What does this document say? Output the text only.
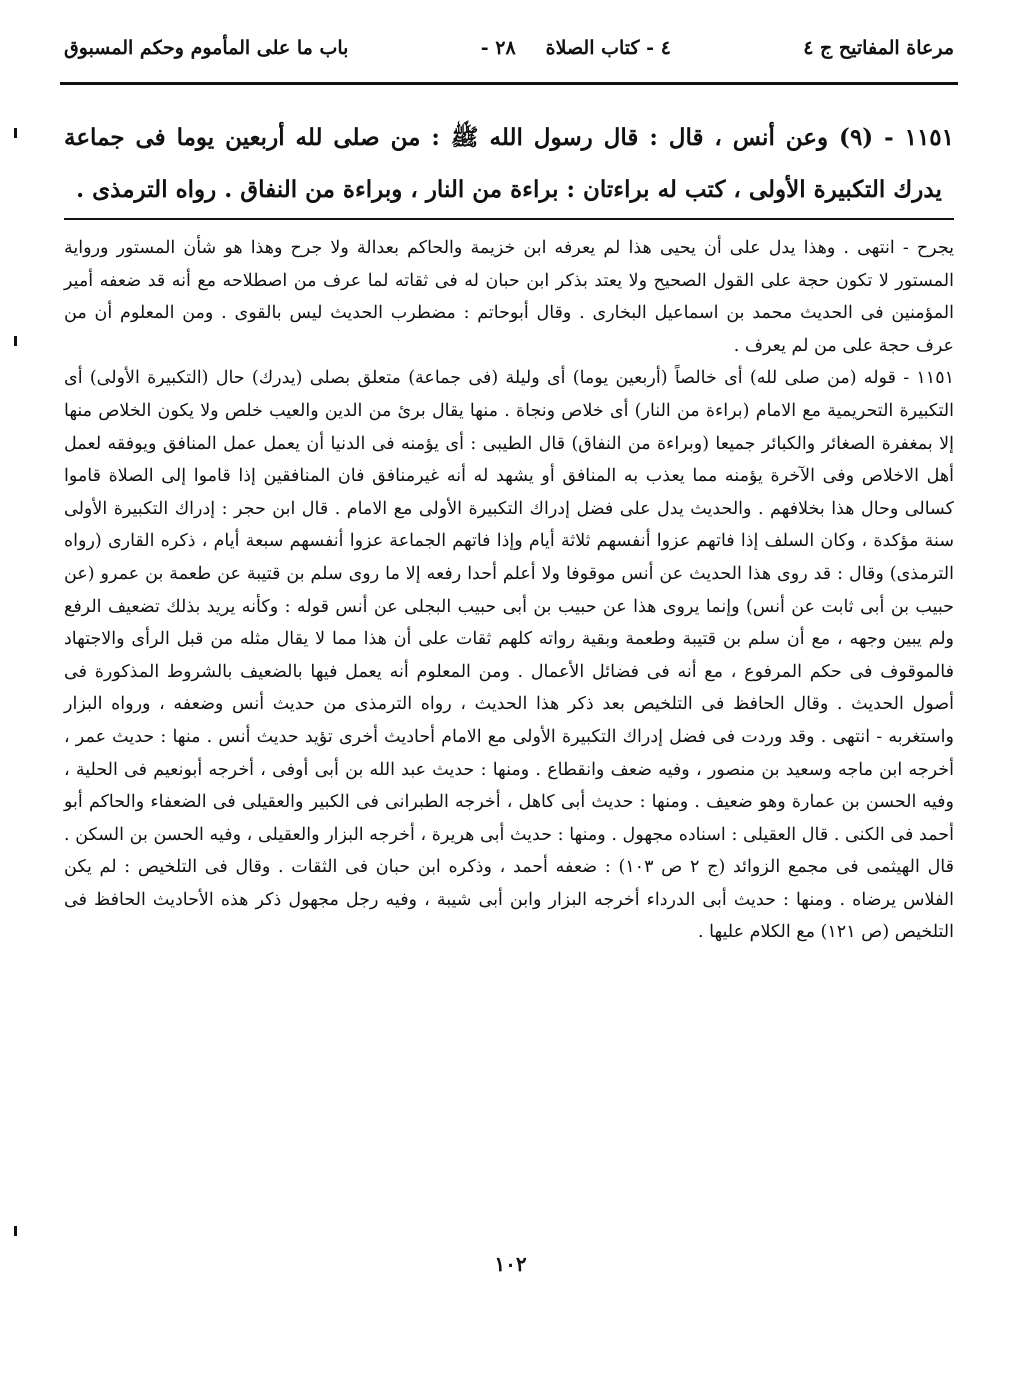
مرعاة المفاتيح ج ٤
٤ - كتاب الصلاة
٢٨ -
باب ما على المأموم وحكم المسبوق
١١٥١ - (٩) وعن أنس ، قال : قال رسول الله ﷺ : من صلى لله أربعين يوما فى جماعة يدرك التكبيرة الأولى ، كتب له براءتان : براءة من النار ، وبراءة من النفاق . رواه الترمذى .

يجرح - انتهى . وهذا يدل على أن يحيى هذا لم يعرفه ابن خزيمة والحاكم بعدالة ولا جرح وهذا هو شأن المستور ورواية المستور لا تكون حجة على القول الصحيح ولا يعتد بذكر ابن حبان له فى ثقاته لما عرف من اصطلاحه مع أنه قد ضعفه أمير المؤمنين فى الحديث محمد بن اسماعيل البخارى . وقال أبوحاتم : مضطرب الحديث ليس بالقوى . ومن المعلوم أن من عرف حجة على من لم يعرف .

١١٥١ - قوله (من صلى لله) أى خالصاً (أربعين يوما) أى وليلة (فى جماعة) متعلق بصلى (يدرك) حال (التكبيرة الأولى) أى التكبيرة التحريمية مع الامام (براءة من النار) أى خلاص ونجاة . منها يقال برئ من الدين والعيب خلص ولا يكون الخلاص منها إلا بمغفرة الصغائر والكبائر جميعا (وبراءة من النفاق) قال الطيبى : أى يؤمنه فى الدنيا أن يعمل عمل المنافق ويوفقه لعمل أهل الاخلاص وفى الآخرة يؤمنه مما يعذب به المنافق أو يشهد له أنه غيرمنافق فان المنافقين إذا قاموا إلى الصلاة قاموا كسالى وحال هذا بخلافهم . والحديث يدل على فضل إدراك التكبيرة الأولى مع الامام . قال ابن حجر : إدراك التكبيرة الأولى سنة مؤكدة ، وكان السلف إذا فاتهم عزوا أنفسهم ثلاثة أيام وإذا فاتهم الجماعة عزوا أنفسهم سبعة أيام ، ذكره القارى (رواه الترمذى) وقال : قد روى هذا الحديث عن أنس موقوفا ولا أعلم أحدا رفعه إلا ما روى سلم بن قتيبة عن طعمة بن عمرو (عن حبيب بن أبى ثابت عن أنس) وإنما يروى هذا عن حبيب بن أبى حبيب البجلى عن أنس قوله : وكأنه يريد بذلك تضعيف الرفع ولم يبين وجهه ، مع أن سلم بن قتيبة وطعمة وبقية رواته كلهم ثقات على أن هذا مما لا يقال مثله من قبل الرأى والاجتهاد فالموقوف فى حكم المرفوع ، مع أنه فى فضائل الأعمال . ومن المعلوم أنه يعمل فيها بالضعيف بالشروط المذكورة فى أصول الحديث . وقال الحافظ فى التلخيص بعد ذكر هذا الحديث ، رواه الترمذى من حديث أنس وضعفه ، ورواه البزار واستغربه - انتهى . وقد وردت فى فضل إدراك التكبيرة الأولى مع الامام أحاديث أخرى تؤيد حديث أنس . منها : حديث عمر ، أخرجه ابن ماجه وسعيد بن منصور ، وفيه ضعف وانقطاع . ومنها : حديث عبد الله بن أبى أوفى ، أخرجه أبونعيم فى الحلية ، وفيه الحسن بن عمارة وهو ضعيف . ومنها : حديث أبى كاهل ، أخرجه الطبرانى فى الكبير والعقيلى فى الضعفاء والحاكم أبو أحمد فى الكنى . قال العقيلى : اسناده مجهول . ومنها : حديث أبى هريرة ، أخرجه البزار والعقيلى ، وفيه الحسن بن السكن . قال الهيثمى فى مجمع الزوائد (ج ٢ ص ١٠٣) : ضعفه أحمد ، وذكره ابن حبان فى الثقات . وقال فى التلخيص : لم يكن الفلاس يرضاه . ومنها : حديث أبى الدرداء أخرجه البزار وابن أبى شيبة ، وفيه رجل مجهول ذكر هذه الأحاديث الحافظ فى التلخيص (ص ١٢١) مع الكلام عليها .

١٠٢
